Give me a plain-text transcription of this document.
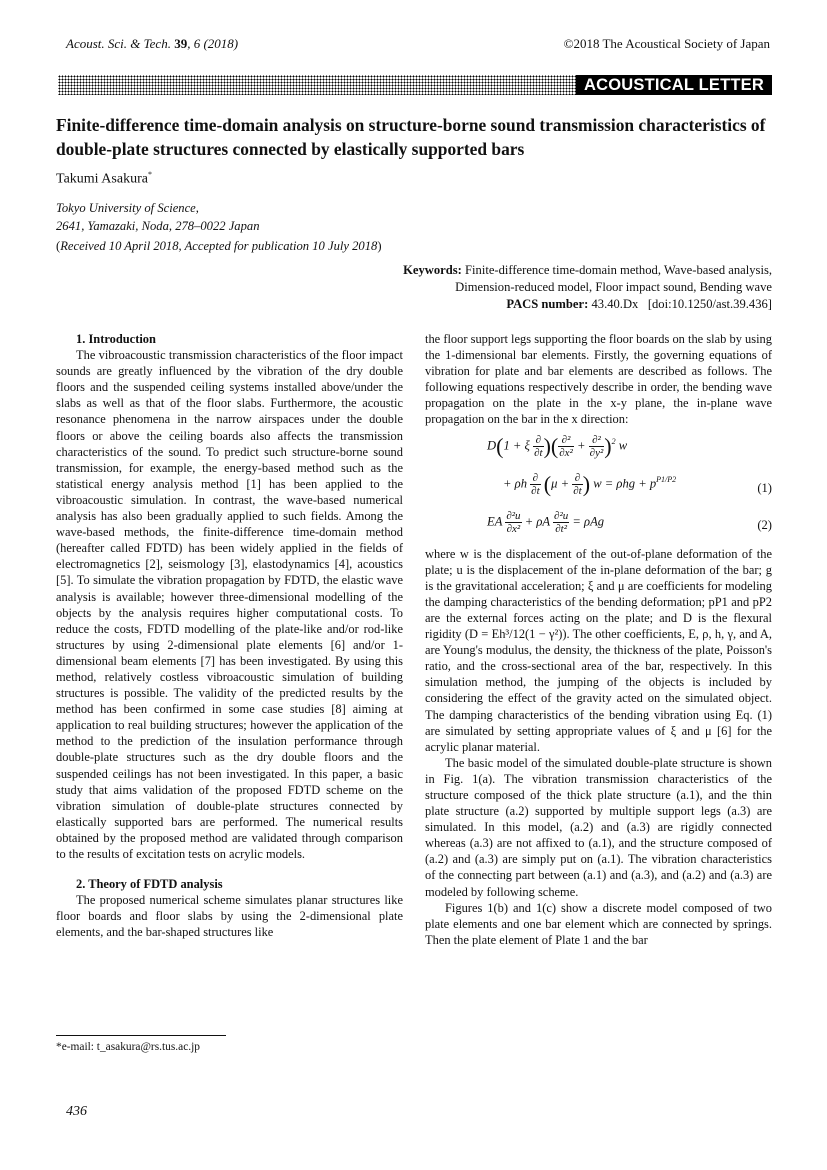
Acoust. Sci. & Tech. 39, 6 (2018)	©2018 The Acoustical Society of Japan
ACOUSTICAL LETTER
Finite-difference time-domain analysis on structure-borne sound transmission characteristics of double-plate structures connected by elastically supported bars
Takumi Asakura*
Tokyo University of Science,
2641, Yamazaki, Noda, 278–0022 Japan
(Received 10 April 2018, Accepted for publication 10 July 2018)
Keywords: Finite-difference time-domain method, Wave-based analysis,
Dimension-reduced model, Floor impact sound, Bending wave
PACS number: 43.40.Dx [doi:10.1250/ast.39.436]

1. Introduction

The vibroacoustic transmission characteristics of the floor impact sounds are greatly influenced by the vibration of the dry double floors and the suspended ceiling systems installed above/under the slabs as well as that of the floor slabs. Furthermore, the acoustic resonance phenomena in the narrow airspaces under the double floors or above the ceiling boards also affects the transmission characteristics of the sound. To predict such structure-borne sound transmission, for example, the energy-based method such as the statistical energy analysis method [1] has been applied to the vibroacoustic simulation. In contrast, the wave-based numerical analysis has also been gradually applied to such fields. Among the wave-based methods, the finite-difference time-domain method (hereafter called FDTD) has been widely applied in the fields of electromagnetics [2], seismology [3], elastodynamics [4], acoustics [5]. To simulate the vibration propagation by FDTD, the elastic wave analysis is available; however three-dimensional modelling of the objects by the analysis requires higher computational costs. To reduce the costs, FDTD modelling of the plate-like and/or rod-like structures by using 2-dimensional plate elements [6] and/or 1-dimensional beam elements [7] has been investigated. By using this method, relatively costless vibroacoustic simulation of building structures is possible. The validity of the predicted results by the method has been confirmed in some case studies [8] aiming at application to real building structures; however the application of the method to the prediction of the insulation performance through double-plate structures such as the dry double floors and the suspended ceilings has not been investigated. In this paper, a basic study that aims validation of the proposed FDTD scheme on the vibration simulation of double-plate structures connected by elastically supported bars are performed. The numerical results obtained by the proposed method are validated through comparison to the results of excitation tests on acrylic models.

2. Theory of FDTD analysis

The proposed numerical scheme simulates planar structures like floor boards and floor slabs by using the 2-dimensional plate elements, and the bar-shaped structures like

the floor support legs supporting the floor boards on the slab by using the 1-dimensional bar elements. Firstly, the governing equations of vibration for plate and bar elements are described as follows. The following equations respectively describe in order, the bending wave propagation on the plate in the x-y plane, the in-plane wave propagation on the bar in the x direction:

D(1 + ξ $\frac{\partial}{\partial t}$ )( $\frac{\text{∂²}}{\text{∂x²}} + \frac{\text{∂²}}{\text{∂y²}} )^2$ w
+ ρh $\frac{\partial}{\partial t} (\mu + \frac{\partial}{\partial t}$ ) $w = \rho hg + p^{P1/P2}$
(1)
EA $\frac{\text{∂²u}}{\text{∂x²}} + \rho A \frac{\text{∂²u}}{\text{∂t²}} = \rho Ag$	(2)

where w is the displacement of the out-of-plane deformation of the plate; u is the displacement of the in-plane deformation of the bar; g is the gravitational acceleration; ξ and μ are coefficients for modeling the damping characteristics of the bending deformation; pP1 and pP2 are the external forces acting on the plate; and D is the flexural rigidity (D = Eh³/12(1 − γ²)). The other coefficients, E, ρ, h, γ, and A, are Young's modulus, the density, the thickness of the plate, Poisson's ratio, and the cross-sectional area of the bar, respectively. In this simulation method, the jumping of the objects is included by considering the effect of the gravity acted on the simulated object. The damping characteristics of the bending vibration using Eq. (1) are simulated by setting appropriate values of ξ and μ [6] for the acrylic planar material.

The basic model of the simulated double-plate structure is shown in Fig. 1(a). The vibration transmission characteristics of the structure composed of the thick plate structure (a.1), and the thin plate structure (a.2) supported by multiple support legs (a.3) are simulated. In this model, (a.2) and (a.3) are rigidly connected whereas (a.3) are not affixed to (a.1), and the structure composed of (a.2) and (a.3) are simply put on (a.1). The vibration characteristics of the connecting part between (a.1) and (a.3), and (a.2) and (a.3) are modeled by following scheme.

Figures 1(b) and 1(c) show a discrete model composed of two plate elements and one bar element which are connected by springs. Then the plate element of Plate 1 and the bar

*e-mail: t_asakura@rs.tus.ac.jp
436
